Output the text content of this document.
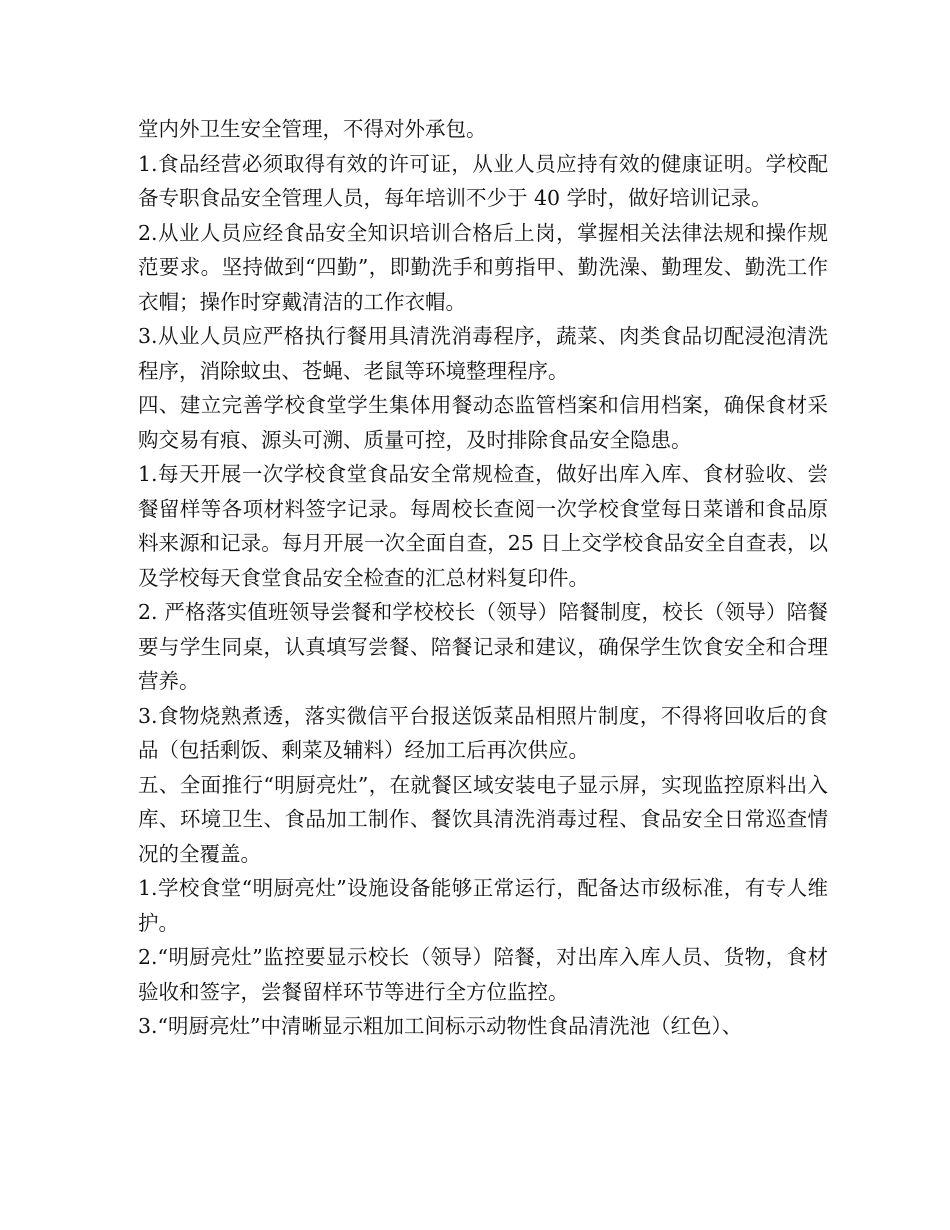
堂内外卫生安全管理，不得对外承包。

1.食品经营必须取得有效的许可证，从业人员应持有效的健康证明。学校配备专职食品安全管理人员，每年培训不少于 40 学时，做好培训记录。

2.从业人员应经食品安全知识培训合格后上岗，掌握相关法律法规和操作规范要求。坚持做到“四勤”，即勤洗手和剪指甲、勤洗澡、勤理发、勤洗工作衣帽；操作时穿戴清洁的工作衣帽。

3.从业人员应严格执行餐用具清洗消毒程序，蔬菜、肉类食品切配浸泡清洗程序，消除蚊虫、苍蝇、老鼠等环境整理程序。

四、建立完善学校食堂学生集体用餐动态监管档案和信用档案，确保食材采购交易有痕、源头可溯、质量可控，及时排除食品安全隐患。

1.每天开展一次学校食堂食品安全常规检查，做好出库入库、食材验收、尝餐留样等各项材料签字记录。每周校长查阅一次学校食堂每日菜谱和食品原料来源和记录。每月开展一次全面自查，25 日上交学校食品安全自查表，以及学校每天食堂食品安全检查的汇总材料复印件。

2. 严格落实值班领导尝餐和学校校长（领导）陪餐制度，校长（领导）陪餐要与学生同桌，认真填写尝餐、陪餐记录和建议，确保学生饮食安全和合理营养。

3.食物烧熟煮透，落实微信平台报送饭菜品相照片制度，不得将回收后的食品（包括剩饭、剩菜及辅料）经加工后再次供应。

五、全面推行“明厨亮灶”，在就餐区域安装电子显示屏，实现监控原料出入库、环境卫生、食品加工制作、餐饮具清洗消毒过程、食品安全日常巡查情况的全覆盖。

1.学校食堂“明厨亮灶”设施设备能够正常运行，配备达市级标准，有专人维护。

2.“明厨亮灶”监控要显示校长（领导）陪餐，对出库入库人员、货物，食材验收和签字，尝餐留样环节等进行全方位监控。

3.“明厨亮灶”中清晰显示粗加工间标示动物性食品清洗池（红色）、
